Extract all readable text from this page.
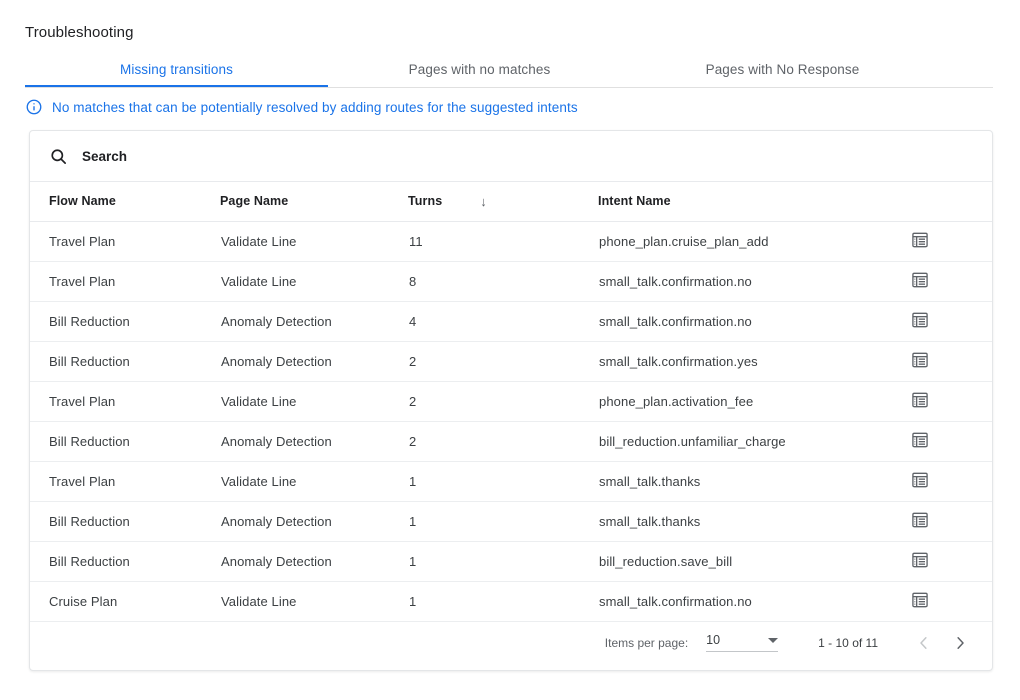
Troubleshooting
Missing transitions	Pages with no matches	Pages with No Response
No matches that can be potentially resolved by adding routes for the suggested intents
Search
Flow Name	Page Name	Turns ↓	Intent Name	
Travel Plan	Validate Line	11	phone_plan.cruise_plan_add	

Travel Plan	Validate Line	8	small_talk.confirmation.no	

Bill Reduction	Anomaly Detection	4	small_talk.confirmation.no	

Bill Reduction	Anomaly Detection	2	small_talk.confirmation.yes	

Travel Plan	Validate Line	2	phone_plan.activation_fee	

Bill Reduction	Anomaly Detection	2	bill_reduction.unfamiliar_charge	

Travel Plan	Validate Line	1	small_talk.thanks	

Bill Reduction	Anomaly Detection	1	small_talk.thanks	

Bill Reduction	Anomaly Detection	1	bill_reduction.save_bill	

Cruise Plan	Validate Line	1	small_talk.confirmation.no	
Items per page: 10	1 - 10 of 11
